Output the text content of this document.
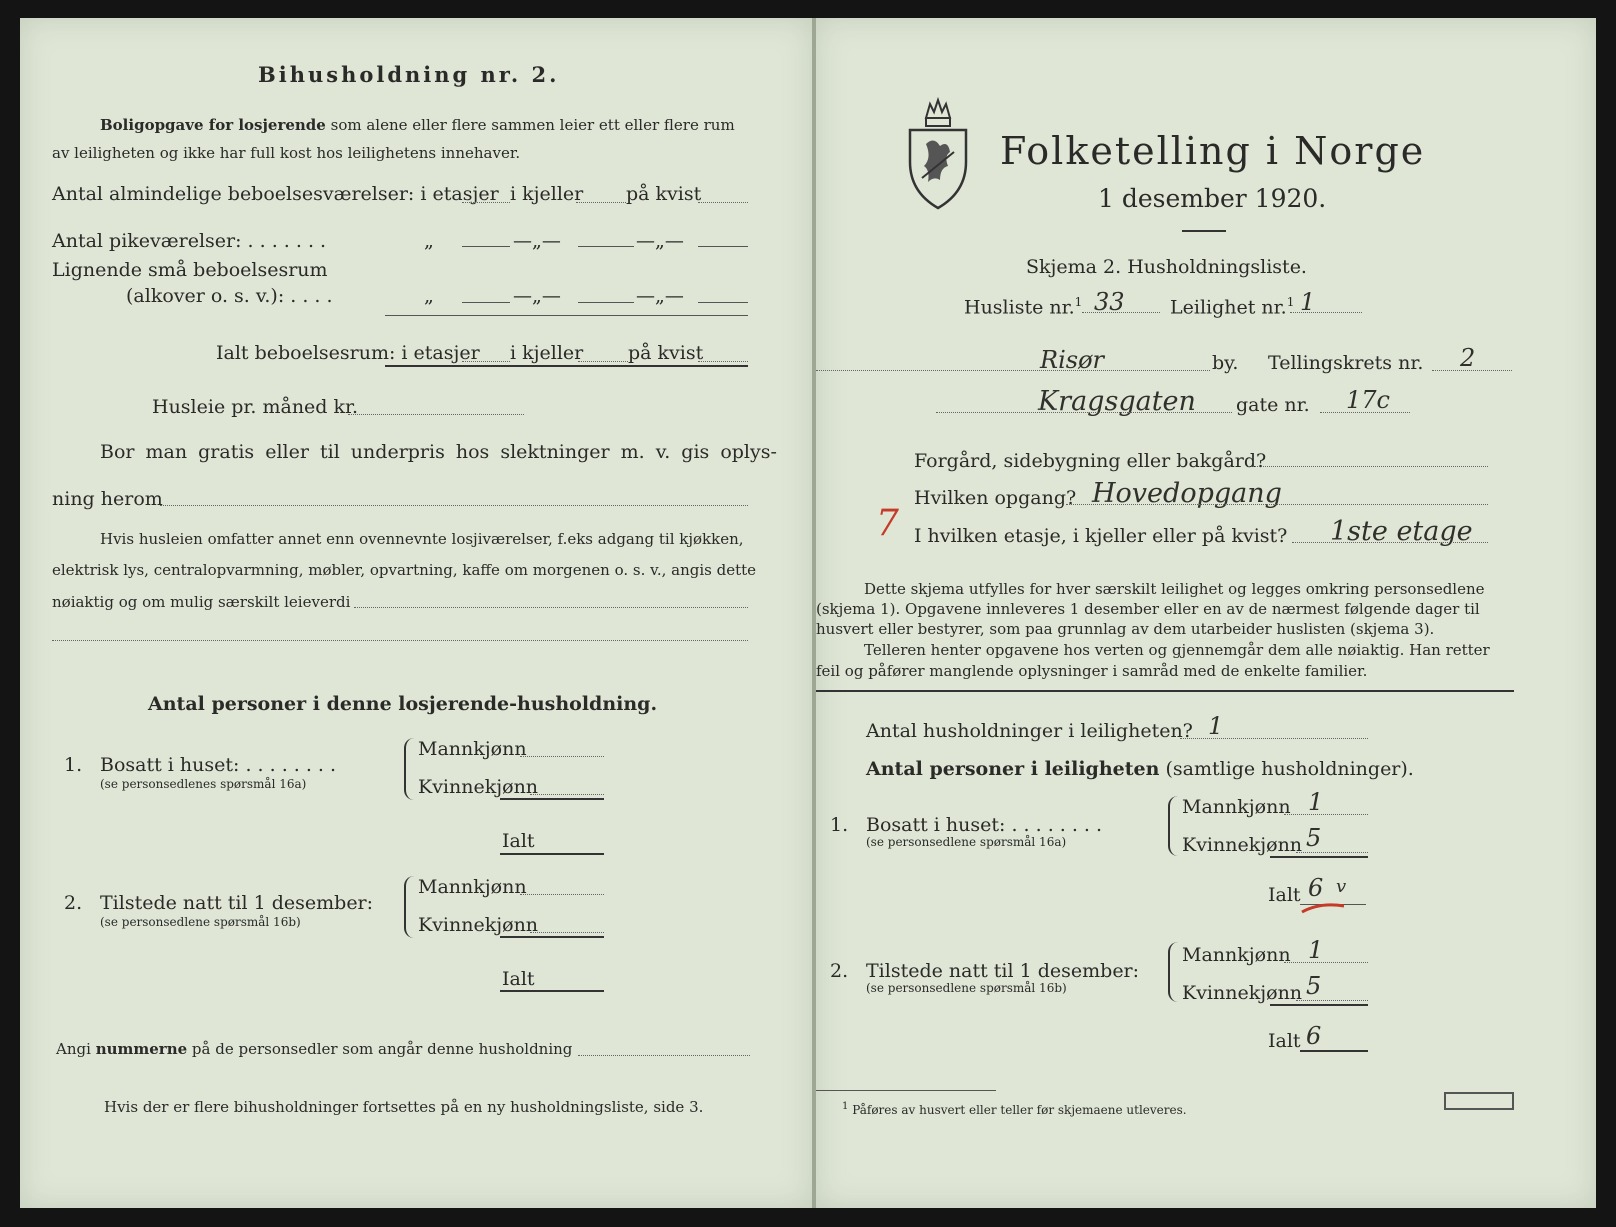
Bihusholdning nr. 2.
Boligopgave for losjerende som alene eller flere sammen leier ett eller flere rum
av leiligheten og ikke har full kost hos leilighetens innehaver.
Antal almindelige beboelsesværelser: i etasjer i kjeller på kvist
Antal pikeværelser: . . . . . . .	„	—„—	—„—
Lignende små beboelsesrum
(alkover o. s. v.): . . . .	„	—„—	—„—
Ialt beboelsesrum: i etasjer i kjeller på kvist
Husleie pr. måned kr.
Bor man gratis eller til underpris hos slektninger m. v. gis oplys-
ning herom
Hvis husleien omfatter annet enn ovennevnte losjiværelser, f.eks adgang til kjøkken,
elektrisk lys, centralopvarmning, møbler, opvartning, kaffe om morgenen o. s. v., angis dette
nøiaktig og om mulig særskilt leieverdi
Antal personer i denne losjerende-husholdning.
1. Bosatt i huset: . . . . . . . .
(se personsedlenes spørsmål 16a)
Mannkjønn
Kvinnekjønn
Ialt
2. Tilstede natt til 1 desember:
(se personsedlene spørsmål 16b)
Mannkjønn
Kvinnekjønn
Ialt
Angi nummerne på de personsedler som angår denne husholdning
Hvis der er flere bihusholdninger fortsettes på en ny husholdningsliste, side 3.
Folketelling i Norge
1 desember 1920.
Skjema 2. Husholdningsliste.
Husliste nr.$^1$ 33 Leilighet nr.$^1$ 1
Risør	by. Tellingskrets nr. 2
Kragsgaten gate nr. 17c
Forgård, sidebygning eller bakgård?
Hvilken opgang? Hovedopgang
7 I hvilken etasje, i kjeller eller på kvist? 1ste etage
Dette skjema utfylles for hver særskilt leilighet og legges omkring personsedlene
(skjema 1). Opgavene innleveres 1 desember eller en av de nærmest følgende dager til
husvert eller bestyrer, som paa grunnlag av dem utarbeider huslisten (skjema 3).
Telleren henter opgavene hos verten og gjennemgår dem alle nøiaktig. Han retter
feil og påfører manglende oplysninger i samråd med de enkelte familier.
Antal husholdninger i leiligheten? 1
Antal personer i leiligheten (samtlige husholdninger).
1. Bosatt i huset: . . . . . . . .
(se personsedlene spørsmål 16a)
Mannkjønn 1
Kvinnekjønn 5
Ialt 6 v
2. Tilstede natt til 1 desember:
(se personsedlene spørsmål 16b)
Mannkjønn 1
Kvinnekjønn 5
Ialt 6
$^1$ Påføres av husvert eller teller før skjemaene utleveres.
